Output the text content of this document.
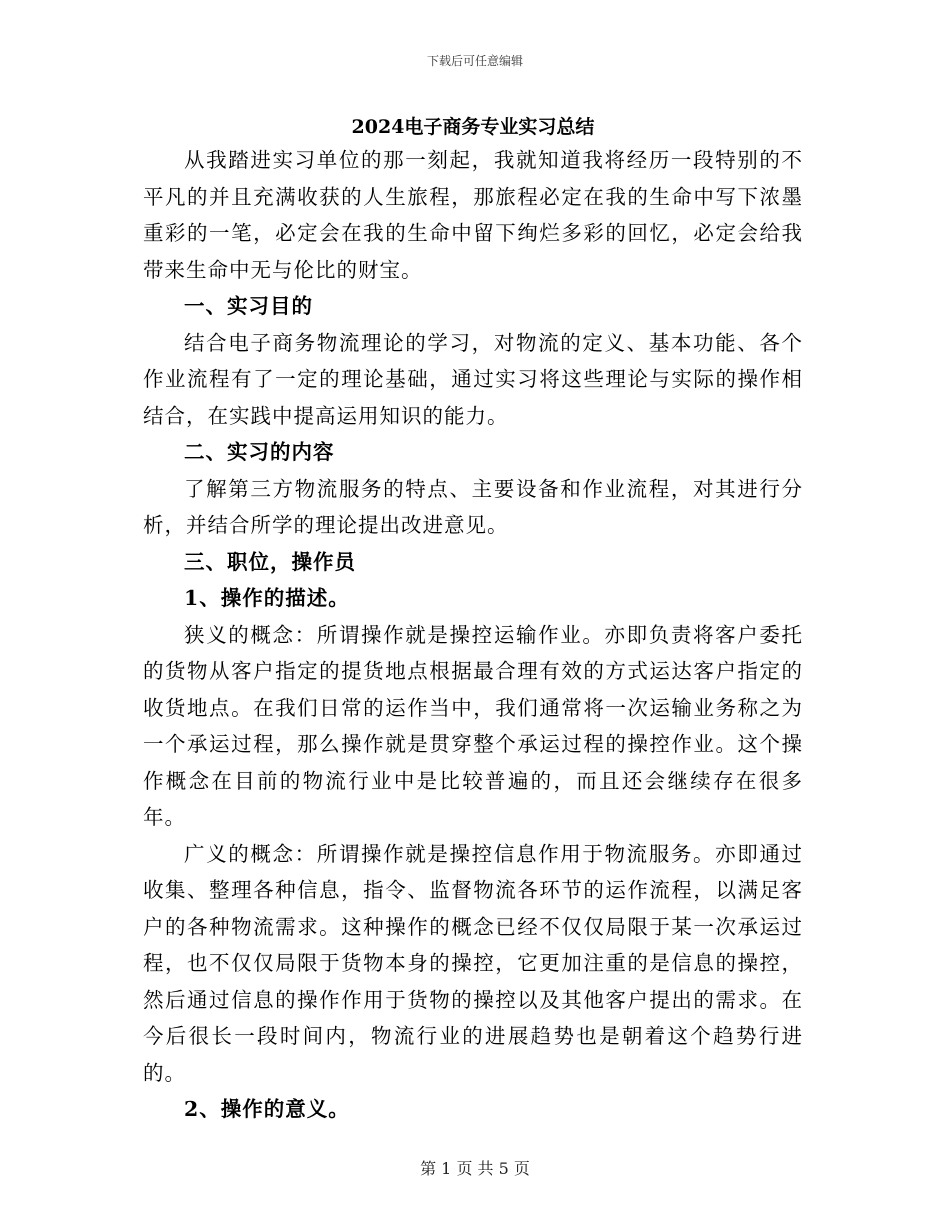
下载后可任意编辑
2024电子商务专业实习总结

从我踏进实习单位的那一刻起，我就知道我将经历一段特别的不平凡的并且充满收获的人生旅程，那旅程必定在我的生命中写下浓墨重彩的一笔，必定会在我的生命中留下绚烂多彩的回忆，必定会给我带来生命中无与伦比的财宝。

一、实习目的

结合电子商务物流理论的学习，对物流的定义、基本功能、各个作业流程有了一定的理论基础，通过实习将这些理论与实际的操作相结合，在实践中提高运用知识的能力。

二、实习的内容

了解第三方物流服务的特点、主要设备和作业流程，对其进行分析，并结合所学的理论提出改进意见。

三、职位，操作员

1、操作的描述。

狭义的概念：所谓操作就是操控运输作业。亦即负责将客户委托的货物从客户指定的提货地点根据最合理有效的方式运达客户指定的收货地点。在我们日常的运作当中，我们通常将一次运输业务称之为一个承运过程，那么操作就是贯穿整个承运过程的操控作业。这个操作概念在目前的物流行业中是比较普遍的，而且还会继续存在很多年。

广义的概念：所谓操作就是操控信息作用于物流服务。亦即通过收集、整理各种信息，指令、监督物流各环节的运作流程，以满足客户的各种物流需求。这种操作的概念已经不仅仅局限于某一次承运过程，也不仅仅局限于货物本身的操控，它更加注重的是信息的操控，然后通过信息的操作作用于货物的操控以及其他客户提出的需求。在今后很长一段时间内，物流行业的进展趋势也是朝着这个趋势行进的。

2、操作的意义。

第 1 页 共 5 页
